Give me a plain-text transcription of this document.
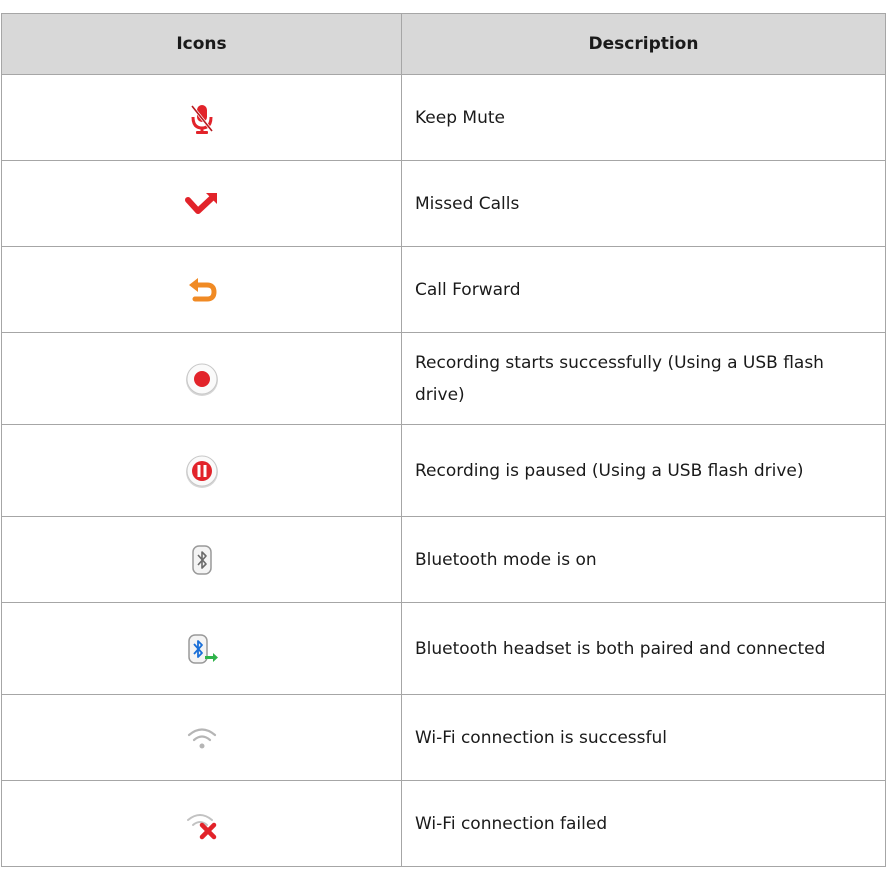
Icons	Description

	Keep Mute

	Missed Calls

	Call Forward

	Recording starts successfully (Using a USB flash drive)

	Recording is paused (Using a USB flash drive)

	Bluetooth mode is on

	Bluetooth headset is both paired and connected

	Wi-Fi connection is successful

	Wi-Fi connection failed
